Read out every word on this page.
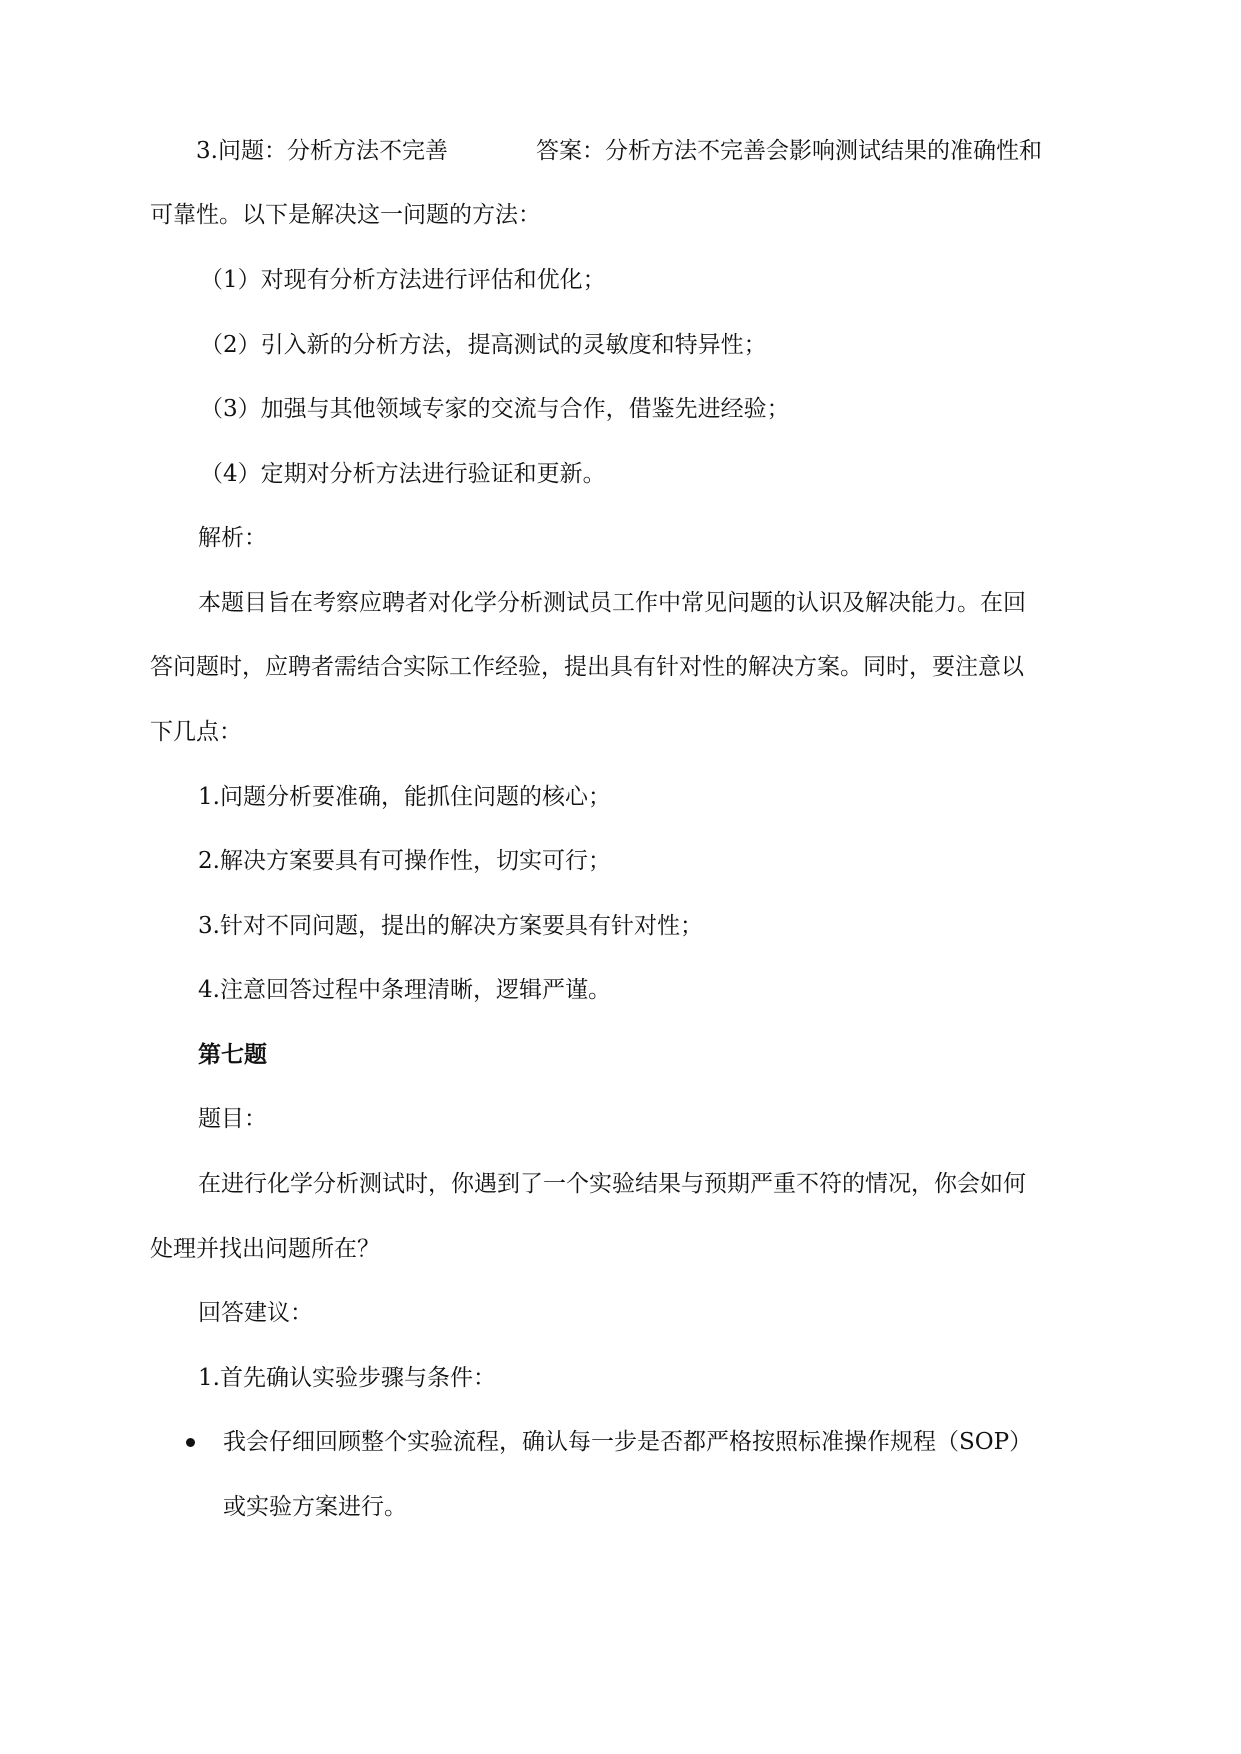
3.问题：分析方法不完善	答案：分析方法不完善会影响测试结果的准确性和
可靠性。以下是解决这一问题的方法：
（1）对现有分析方法进行评估和优化；
（2）引入新的分析方法，提高测试的灵敏度和特异性；
（3）加强与其他领域专家的交流与合作，借鉴先进经验；
（4）定期对分析方法进行验证和更新。
解析：
本题目旨在考察应聘者对化学分析测试员工作中常见问题的认识及解决能力。在回
答问题时，应聘者需结合实际工作经验，提出具有针对性的解决方案。同时，要注意以
下几点：
1.问题分析要准确，能抓住问题的核心；
2.解决方案要具有可操作性，切实可行；
3.针对不同问题，提出的解决方案要具有针对性；
4.注意回答过程中条理清晰，逻辑严谨。
第七题
题目：
在进行化学分析测试时，你遇到了一个实验结果与预期严重不符的情况，你会如何
处理并找出问题所在？
回答建议：
1.首先确认实验步骤与条件：
我会仔细回顾整个实验流程，确认每一步是否都严格按照标准操作规程（SOP）
或实验方案进行。
